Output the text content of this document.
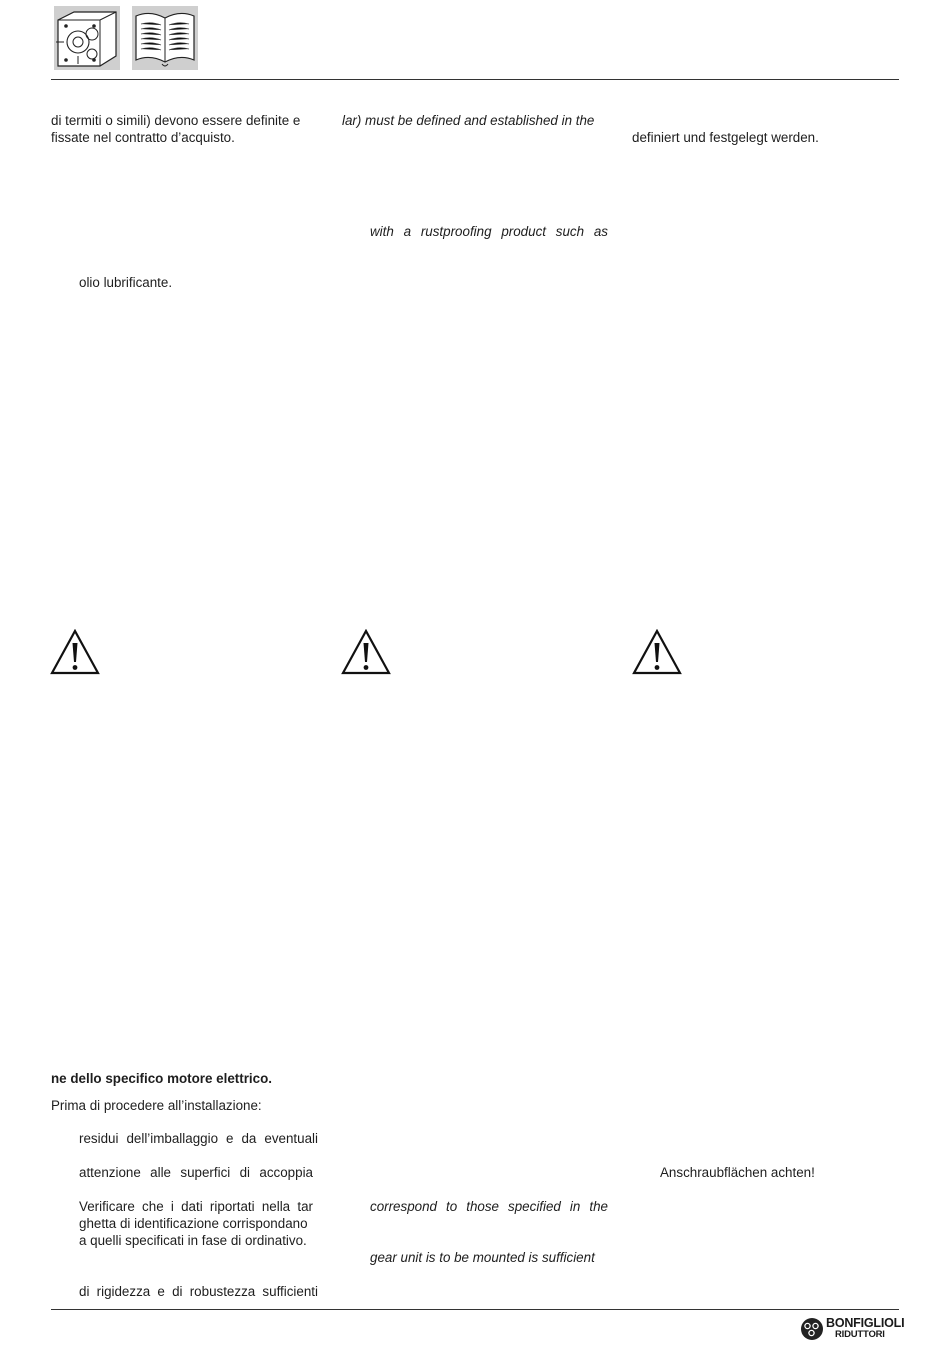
di termiti o simili) devono essere definite e
fissate nel contratto d’acquisto.
olio lubrificante.
lar) must be defined and established in the
with a rustproofing product such as
definiert und festgelegt werden.
ne dello specifico motore elettrico.
Prima di procedere all’installazione:
residui dell’imballaggio e da eventuali
attenzione alle superfici di accoppia
Verificare che i dati riportati nella tar
ghetta di identificazione corrispondano
a quelli specificati in fase di ordinativo.
di rigidezza e di robustezza sufficienti
correspond to those specified in the
gear unit is to be mounted is sufficient
Anschraubflächen achten!
BONFIGLIOLI
RIDUTTORI
